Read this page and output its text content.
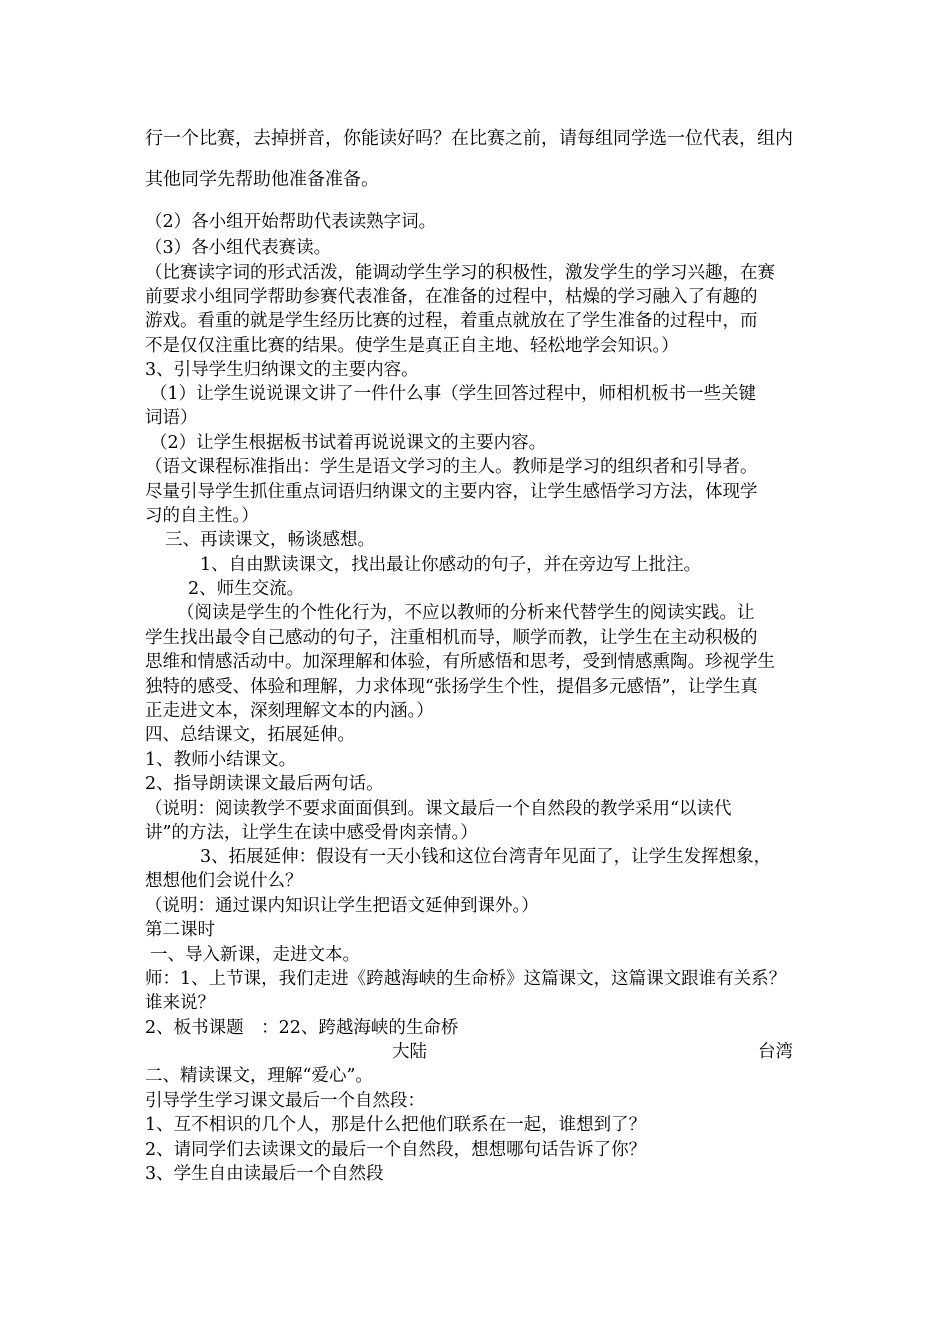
行一个比赛，去掉拼音，你能读好吗？在比赛之前，请每组同学选一位代表，组内
其他同学先帮助他准备准备。
（2）各小组开始帮助代表读熟字词。
（3）各小组代表赛读。
（比赛读字词的形式活泼，能调动学生学习的积极性，激发学生的学习兴趣，在赛
前要求小组同学帮助参赛代表准备，在准备的过程中，枯燥的学习融入了有趣的
游戏。看重的就是学生经历比赛的过程，着重点就放在了学生准备的过程中，而
不是仅仅注重比赛的结果。使学生是真正自主地、轻松地学会知识。）
3、引导学生归纳课文的主要内容。
（1）让学生说说课文讲了一件什么事（学生回答过程中，师相机板书一些关键
词语）
（2）让学生根据板书试着再说说课文的主要内容。
（语文课程标准指出：学生是语文学习的主人。教师是学习的组织者和引导者。
尽量引导学生抓住重点词语归纳课文的主要内容，让学生感悟学习方法，体现学
习的自主性。）
三、再读课文，畅谈感想。
1、自由默读课文，找出最让你感动的句子，并在旁边写上批注。
2、师生交流。
（阅读是学生的个性化行为，不应以教师的分析来代替学生的阅读实践。让
学生找出最令自己感动的句子，注重相机而导，顺学而教，让学生在主动积极的
思维和情感活动中。加深理解和体验，有所感悟和思考，受到情感熏陶。珍视学生
独特的感受、体验和理解，力求体现“张扬学生个性，提倡多元感悟”，让学生真
正走进文本，深刻理解文本的内涵。）
四、总结课文，拓展延伸。
1、教师小结课文。
2、指导朗读课文最后两句话。
（说明：阅读教学不要求面面俱到。课文最后一个自然段的教学采用“以读代
讲”的方法，让学生在读中感受骨肉亲情。）
3、拓展延伸：假设有一天小钱和这位台湾青年见面了，让学生发挥想象，
想想他们会说什么？
（说明：通过课内知识让学生把语文延伸到课外。）
第二课时
一、导入新课，走进文本。
师：1、上节课，我们走进《跨越海峡的生命桥》这篇课文，这篇课文跟谁有关系？
谁来说？
2、板书课题　：22、跨越海峡的生命桥
大陆	台湾
二、精读课文，理解“爱心”。
引导学生学习课文最后一个自然段：
1、互不相识的几个人，那是什么把他们联系在一起，谁想到了？
2、请同学们去读课文的最后一个自然段，想想哪句话告诉了你？
3、学生自由读最后一个自然段
